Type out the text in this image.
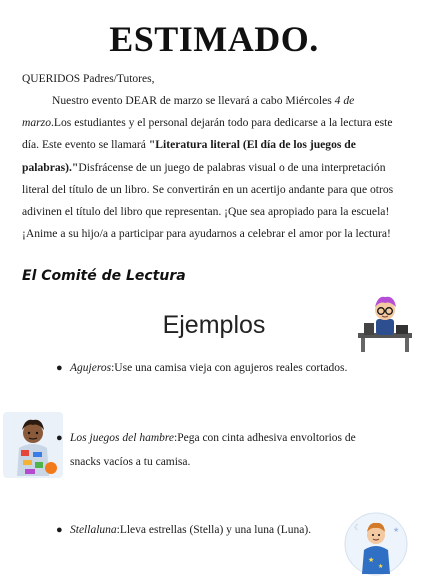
ESTIMADO.
QUERIDOS Padres/Tutores,
Nuestro evento DEAR de marzo se llevará a cabo Miércoles 4 de marzo.Los estudiantes y el personal dejarán todo para dedicarse a la lectura este día. Este evento se llamará "Literatura literal (El día de los juegos de palabras)."Disfrácense de un juego de palabras visual o de una interpretación literal del título de un libro. Se convertirán en un acertijo andante para que otros adivinen el título del libro que representan. ¡Que sea apropiado para la escuela! ¡Anime a su hijo/a a participar para ayudarnos a celebrar el amor por la lectura!
El Comité de Lectura
Ejemplos
● Agujeros:Use una camisa vieja con agujeros reales cortados.
● Los juegos del hambre:Pega con cinta adhesiva envoltorios de snacks vacíos a tu camisa.
● Stellaluna:Lleva estrellas (Stella) y una luna (Luna).
★
★
☾	★
